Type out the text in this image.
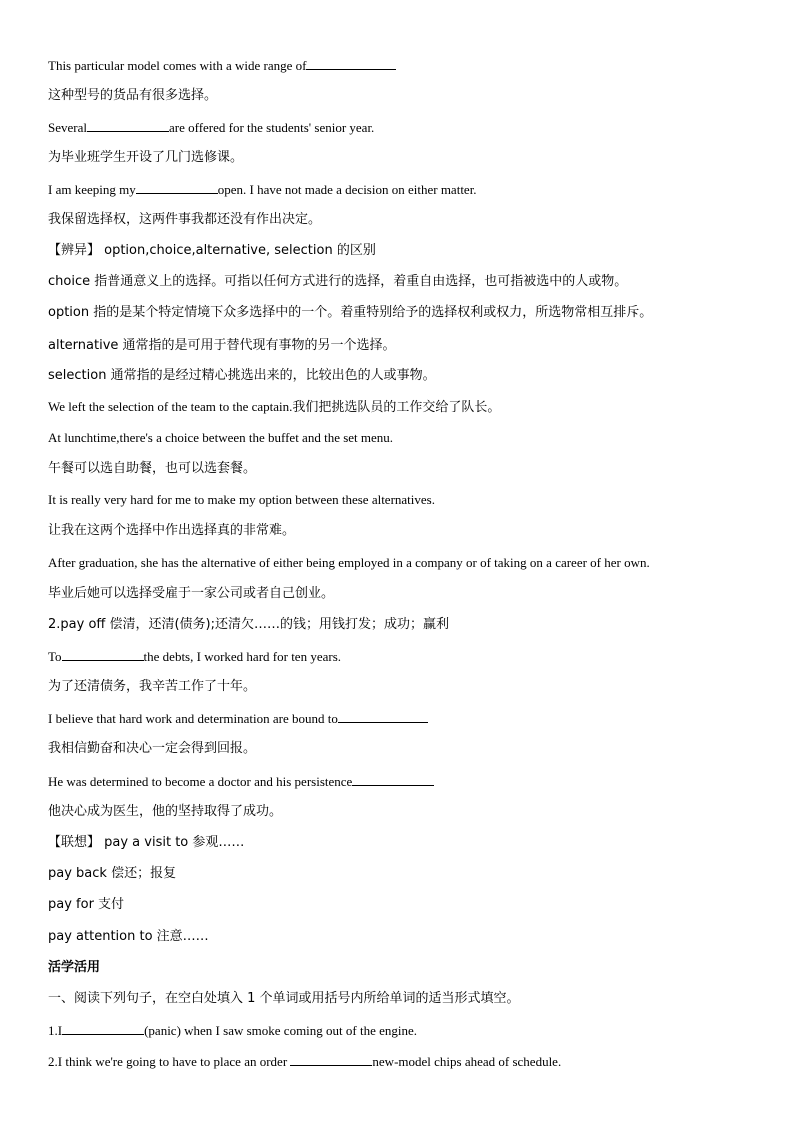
This particular model comes with a wide range of
这种型号的货品有很多选择。
Several	are offered for the students' senior year.
为毕业班学生开设了几门选修课。
I am keeping my	open. I have not made a decision on either matter.
我保留选择权，这两件事我都还没有作出决定。
【辨异】 option,choice,alternative, selection 的区别
choice 指普通意义上的选择。可指以任何方式进行的选择，着重自由选择，也可指被选中的人或物。
option 指的是某个特定情境下众多选择中的一个。着重特别给予的选择权利或权力，所选物常相互排斥。
alternative 通常指的是可用于替代现有事物的另一个选择。
selection 通常指的是经过精心挑选出来的，比较出色的人或事物。
We left the selection of the team to the captain.我们把挑选队员的工作交给了队长。
At lunchtime,there's a choice between the buffet and the set menu.
午餐可以选自助餐，也可以选套餐。
It is really very hard for me to make my option between these alternatives.
让我在这两个选择中作出选择真的非常难。
After graduation, she has the alternative of either being employed in a company or of taking on a career of her own.
毕业后她可以选择受雇于一家公司或者自己创业。
2.pay off 偿清，还清(债务);还清欠……的钱；用钱打发；成功；赢利
To	the debts, I worked hard for ten years.
为了还清债务，我辛苦工作了十年。
I believe that hard work and determination are bound to
我相信勤奋和决心一定会得到回报。
He was determined to become a doctor and his persistence
他决心成为医生，他的坚持取得了成功。
【联想】 pay a visit to 参观……
pay back 偿还；报复
pay for 支付
pay attention to 注意……
活学活用
一、阅读下列句子，在空白处填入 1 个单词或用括号内所给单词的适当形式填空。
1.I	(panic) when I saw smoke coming out of the engine.
2.I think we're going to have to place an order	new-model chips ahead of schedule.
